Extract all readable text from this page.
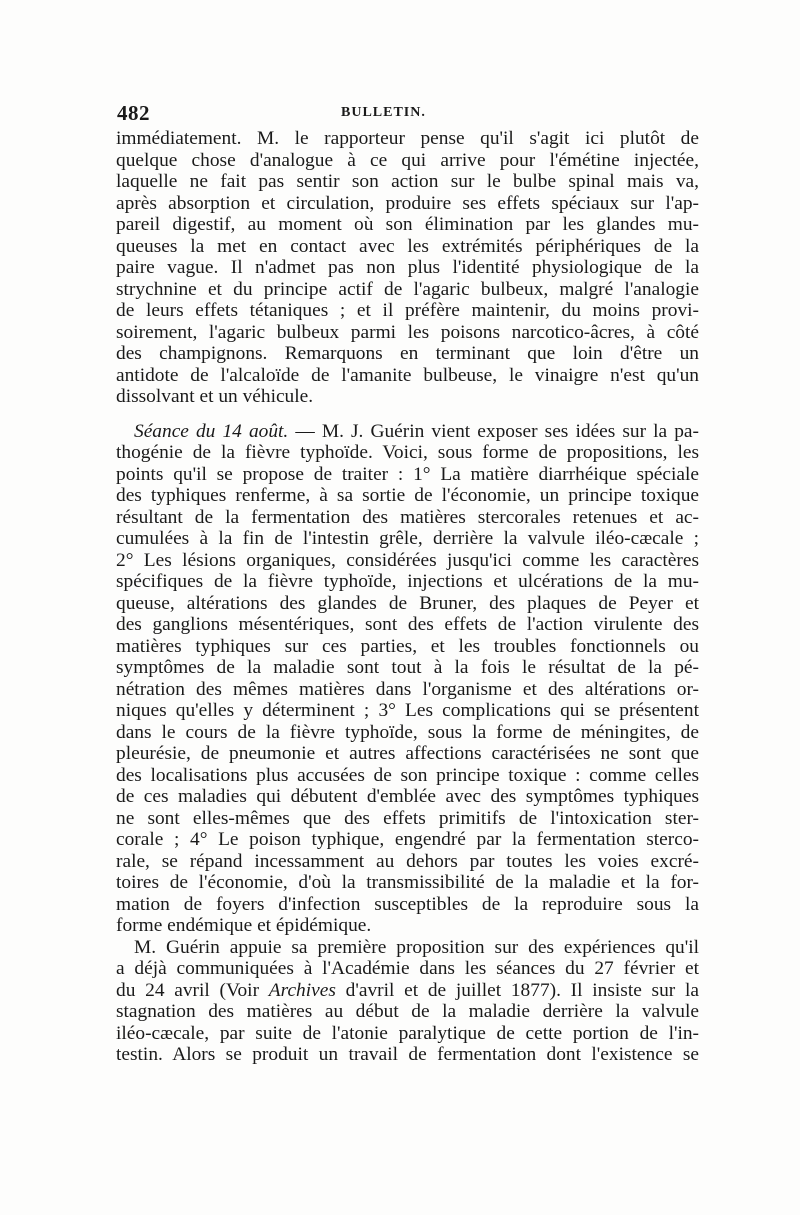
482	BULLETIN.
immédiatement. M. le rapporteur pense qu'il s'agit ici plutôt de
quelque chose d'analogue à ce qui arrive pour l'émétine injectée,
laquelle ne fait pas sentir son action sur le bulbe spinal mais va,
après absorption et circulation, produire ses effets spéciaux sur l'ap-
pareil digestif, au moment où son élimination par les glandes mu-
queuses la met en contact avec les extrémités périphériques de la
paire vague. Il n'admet pas non plus l'identité physiologique de la
strychnine et du principe actif de l'agaric bulbeux, malgré l'analogie
de leurs effets tétaniques ; et il préfère maintenir, du moins provi-
soirement, l'agaric bulbeux parmi les poisons narcotico-âcres, à côté
des champignons. Remarquons en terminant que loin d'être un
antidote de l'alcaloïde de l'amanite bulbeuse, le vinaigre n'est qu'un
dissolvant et un véhicule.
Séance du 14 août. — M. J. Guérin vient exposer ses idées sur la pa-
thogénie de la fièvre typhoïde. Voici, sous forme de propositions, les
points qu'il se propose de traiter : 1° La matière diarrhéique spéciale
des typhiques renferme, à sa sortie de l'économie, un principe toxique
résultant de la fermentation des matières stercorales retenues et ac-
cumulées à la fin de l'intestin grêle, derrière la valvule iléo-cæcale ;
2° Les lésions organiques, considérées jusqu'ici comme les caractères
spécifiques de la fièvre typhoïde, injections et ulcérations de la mu-
queuse, altérations des glandes de Bruner, des plaques de Peyer et
des ganglions mésentériques, sont des effets de l'action virulente des
matières typhiques sur ces parties, et les troubles fonctionnels ou
symptômes de la maladie sont tout à la fois le résultat de la pé-
nétration des mêmes matières dans l'organisme et des altérations or-
niques qu'elles y déterminent ; 3° Les complications qui se présentent
dans le cours de la fièvre typhoïde, sous la forme de méningites, de
pleurésie, de pneumonie et autres affections caractérisées ne sont que
des localisations plus accusées de son principe toxique : comme celles
de ces maladies qui débutent d'emblée avec des symptômes typhiques
ne sont elles-mêmes que des effets primitifs de l'intoxication ster-
corale ; 4° Le poison typhique, engendré par la fermentation sterco-
rale, se répand incessamment au dehors par toutes les voies excré-
toires de l'économie, d'où la transmissibilité de la maladie et la for-
mation de foyers d'infection susceptibles de la reproduire sous la
forme endémique et épidémique.
M. Guérin appuie sa première proposition sur des expériences qu'il
a déjà communiquées à l'Académie dans les séances du 27 février et
du 24 avril (Voir Archives d'avril et de juillet 1877). Il insiste sur la
stagnation des matières au début de la maladie derrière la valvule
iléo-cæcale, par suite de l'atonie paralytique de cette portion de l'in-
testin. Alors se produit un travail de fermentation dont l'existence se
